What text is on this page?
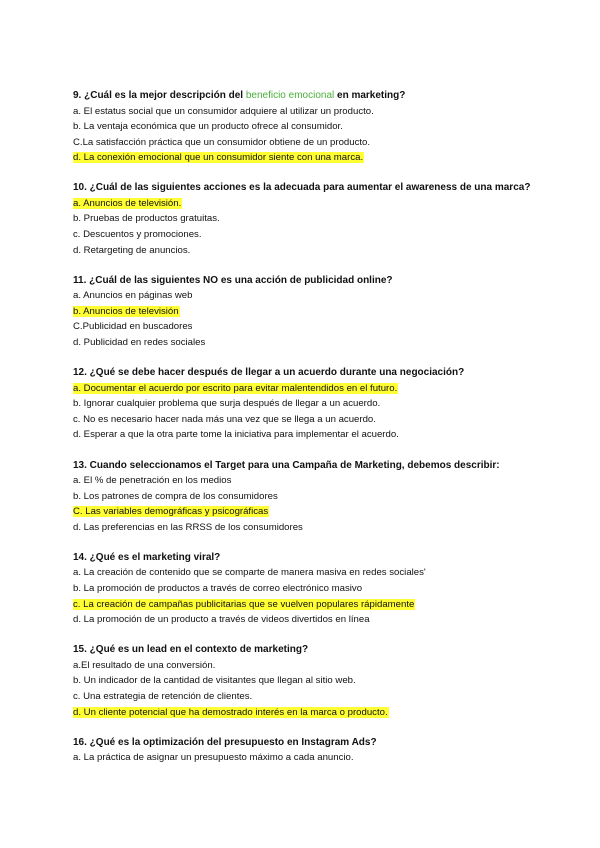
9. ¿Cuál es la mejor descripción del beneficio emocional en marketing?
a. El estatus social que un consumidor adquiere al utilizar un producto.
b. La ventaja económica que un producto ofrece al consumidor.
C.La satisfacción práctica que un consumidor obtiene de un producto.
d. La conexión emocional que un consumidor siente con una marca.
10. ¿Cuál de las siguientes acciones es la adecuada para aumentar el awareness de una marca?
a. Anuncios de televisión.
b. Pruebas de productos gratuitas.
c. Descuentos y promociones.
d. Retargeting de anuncios.
11. ¿Cuál de las siguientes NO es una acción de publicidad online?
a. Anuncios en páginas web
b. Anuncios de televisión
C.Publicidad en buscadores
d. Publicidad en redes sociales
12. ¿Qué se debe hacer después de llegar a un acuerdo durante una negociación?
a. Documentar el acuerdo por escrito para evitar malentendidos en el futuro.
b. Ignorar cualquier problema que surja después de llegar a un acuerdo.
c. No es necesario hacer nada más una vez que se llega a un acuerdo.
d. Esperar a que la otra parte tome la iniciativa para implementar el acuerdo.
13. Cuando seleccionamos el Target para una Campaña de Marketing, debemos describir:
a. El % de penetración en los medios
b. Los patrones de compra de los consumidores
C. Las variables demográficas y psicográficas
d. Las preferencias en las RRSS de los consumidores
14. ¿Qué es el marketing viral?
a. La creación de contenido que se comparte de manera masiva en redes sociales'
b. La promoción de productos a través de correo electrónico masivo
c. La creación de campañas publicitarias que se vuelven populares rápidamente
d. La promoción de un producto a través de videos divertidos en línea
15. ¿Qué es un lead en el contexto de marketing?
a.El resultado de una conversión.
b. Un indicador de la cantidad de visitantes que llegan al sitio web.
c. Una estrategia de retención de clientes.
d. Un cliente potencial que ha demostrado interés en la marca o producto.
16. ¿Qué es la optimización del presupuesto en Instagram Ads?
a. La práctica de asignar un presupuesto máximo a cada anuncio.
